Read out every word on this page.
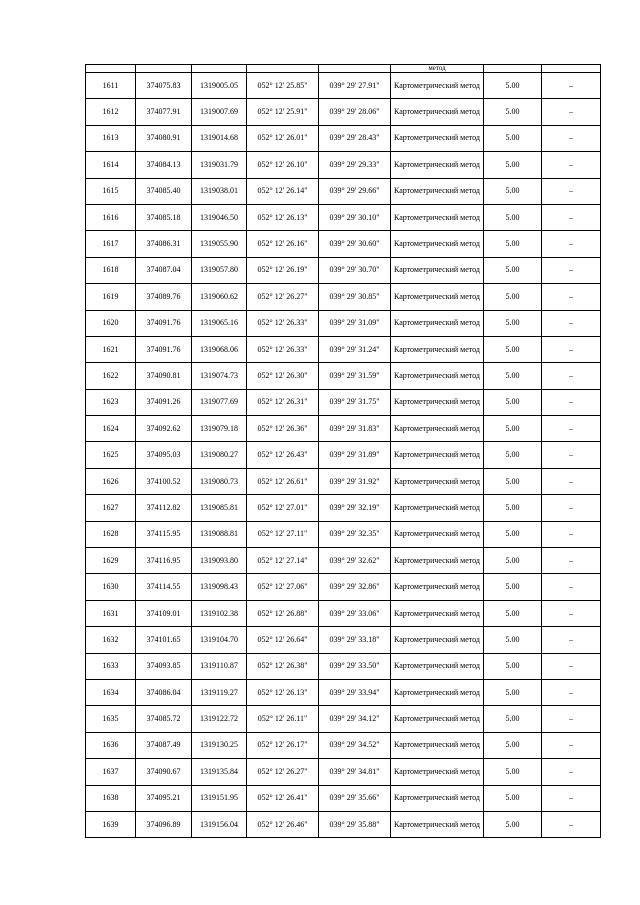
					метод		
1611	374075.83	1319005.05	052° 12' 25.85"	039° 29' 27.91"	Картометрический метод	5.00	–
1612	374077.91	1319007.69	052° 12' 25.91"	039° 29' 28.06"	Картометрический метод	5.00	–
1613	374080.91	1319014.68	052° 12' 26.01"	039° 29' 28.43"	Картометрический метод	5.00	–
1614	374084.13	1319031.79	052° 12' 26.10"	039° 29' 29.33"	Картометрический метод	5.00	–
1615	374085.40	1319038.01	052° 12' 26.14"	039° 29' 29.66"	Картометрический метод	5.00	–
1616	374085.18	1319046.50	052° 12' 26.13"	039° 29' 30.10"	Картометрический метод	5.00	–
1617	374086.31	1319055.90	052° 12' 26.16"	039° 29' 30.60"	Картометрический метод	5.00	–
1618	374087.04	1319057.80	052° 12' 26.19"	039° 29' 30.70"	Картометрический метод	5.00	–
1619	374089.76	1319060.62	052° 12' 26.27"	039° 29' 30.85"	Картометрический метод	5.00	–
1620	374091.76	1319065.16	052° 12' 26.33"	039° 29' 31.09"	Картометрический метод	5.00	–
1621	374091.76	1319068.06	052° 12' 26.33"	039° 29' 31.24"	Картометрический метод	5.00	–
1622	374090.81	1319074.73	052° 12' 26.30"	039° 29' 31.59"	Картометрический метод	5.00	–
1623	374091.26	1319077.69	052° 12' 26.31"	039° 29' 31.75"	Картометрический метод	5.00	–
1624	374092.62	1319079.18	052° 12' 26.36"	039° 29' 31.83"	Картометрический метод	5.00	–
1625	374095.03	1319080.27	052° 12' 26.43"	039° 29' 31.89"	Картометрический метод	5.00	–
1626	374100.52	1319080.73	052° 12' 26.61"	039° 29' 31.92"	Картометрический метод	5.00	–
1627	374112.82	1319085.81	052° 12' 27.01"	039° 29' 32.19"	Картометрический метод	5.00	–
1628	374115.95	1319088.81	052° 12' 27.11"	039° 29' 32.35"	Картометрический метод	5.00	–
1629	374116.95	1319093.80	052° 12' 27.14"	039° 29' 32.62"	Картометрический метод	5.00	–
1630	374114.55	1319098.43	052° 12' 27.06"	039° 29' 32.86"	Картометрический метод	5.00	–
1631	374109.01	1319102.38	052° 12' 26.88"	039° 29' 33.06"	Картометрический метод	5.00	–
1632	374101.65	1319104.70	052° 12' 26.64"	039° 29' 33.18"	Картометрический метод	5.00	–
1633	374093.85	1319110.87	052° 12' 26.38"	039° 29' 33.50"	Картометрический метод	5.00	–
1634	374086.04	1319119.27	052° 12' 26.13"	039° 29' 33.94"	Картометрический метод	5.00	–
1635	374085.72	1319122.72	052° 12' 26.11"	039° 29' 34.12"	Картометрический метод	5.00	–
1636	374087.49	1319130.25	052° 12' 26.17"	039° 29' 34.52"	Картометрический метод	5.00	–
1637	374090.67	1319135.84	052° 12' 26.27"	039° 29' 34.81"	Картометрический метод	5.00	–
1638	374095.21	1319151.95	052° 12' 26.41"	039° 29' 35.66"	Картометрический метод	5.00	–
1639	374096.89	1319156.04	052° 12' 26.46"	039° 29' 35.88"	Картометрический метод	5.00	–
